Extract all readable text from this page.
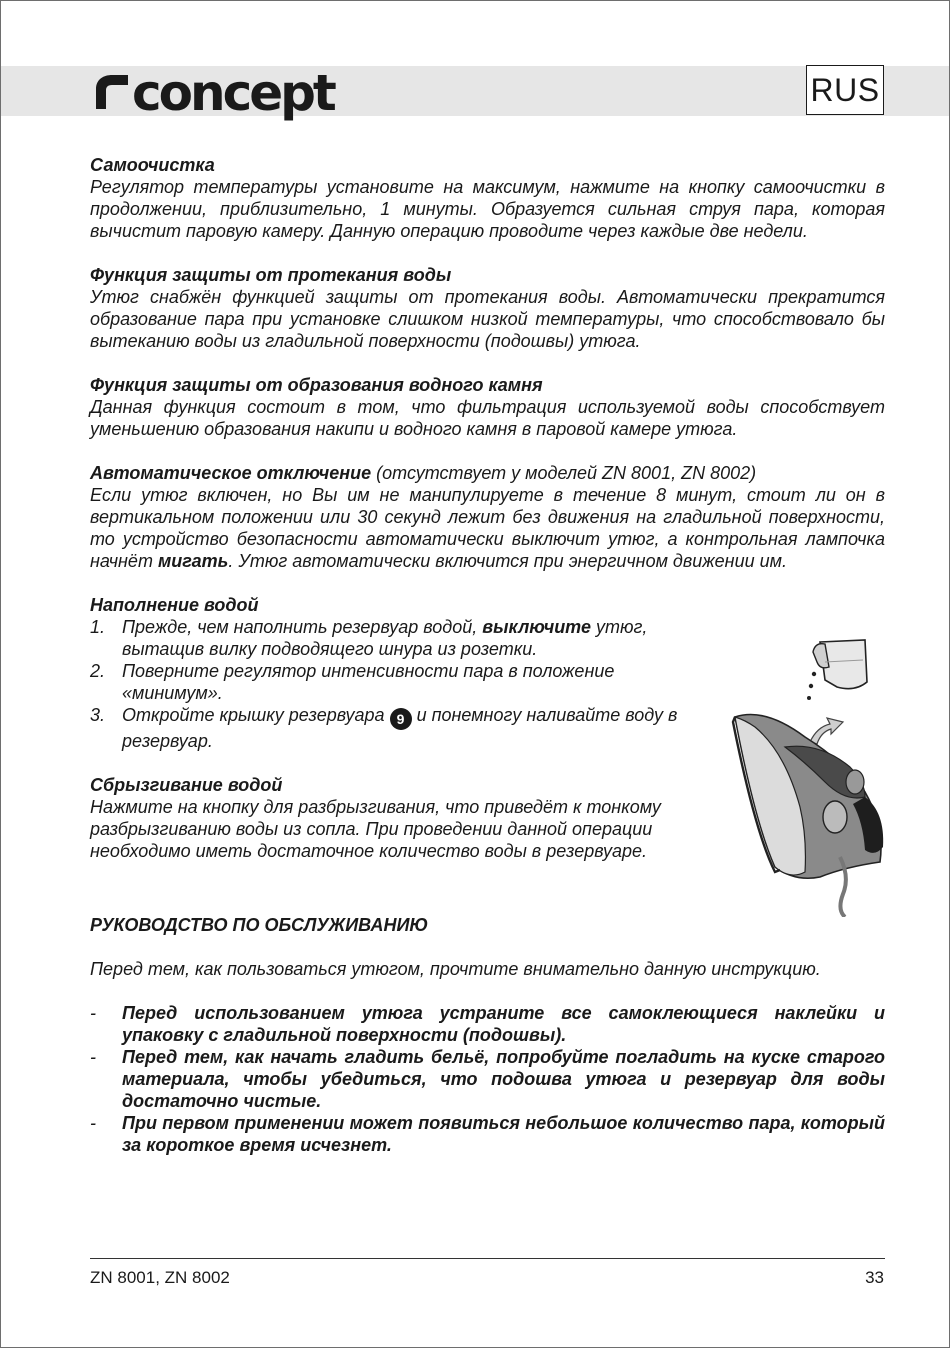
concept	RUS
Самоочистка

Регулятор температуры установите на максимум, нажмите на кнопку самоочистки в продолжении, приблизительно, 1 минуты. Образуется сильная струя пара, которая вычистит паровую камеру. Данную операцию проводите через каждые две недели.

Функция защиты от протекания воды

Утюг снабжён функцией защиты от протекания воды. Автоматически прекратится образование пара при установке слишком низкой температуры, что способствовало бы вытеканию воды из гладильной поверхности (подошвы) утюга.

Функция защиты от образования водного камня

Данная функция состоит в том, что фильтрация используемой воды способствует уменьшению образования накипи и водного камня в паровой камере утюга.

Автоматическое отключение (отсутствует у моделей ZN 8001, ZN 8002)

Если утюг включен, но Вы им не манипулируете в течение 8 минут, стоит ли он в вертикальном положении или 30 секунд лежит без движения на гладильной поверхности, то устройство безопасности автоматически выключит утюг, а контрольная лампочка начнёт мигать. Утюг автоматически включится при энергичном движении им.

Наполнение водой
1. Прежде, чем наполнить резервуар водой, выключите утюг, вытащив вилку подводящего шнура из розетки.
2. Поверните регулятор интенсивности пара в положение «минимум».
3. Откройте крышку резервуара 9 и понемногу наливайте воду в резервуар.
Сбрызгивание водой

Нажмите на кнопку для разбрызгивания, что приведёт к тонкому разбрызгиванию воды из сопла. При проведении данной операции необходимо иметь достаточное количество воды в резервуаре.

РУКОВОДСТВО ПО ОБСЛУЖИВАНИЮ

Перед тем, как пользоваться утюгом, прочтите внимательно данную инструкцию.

- Перед использованием утюга устраните все самоклеющиеся наклейки и упаковку с гладильной поверхности (подошвы).
- Перед тем, как начать гладить бельё, попробуйте погладить на куске старого материала, чтобы убедиться, что подошва утюга и резервуар для воды достаточно чистые.
- При первом применении может появиться небольшое количество пара, который за короткое время исчезнет.
ZN 8001, ZN 8002	33
